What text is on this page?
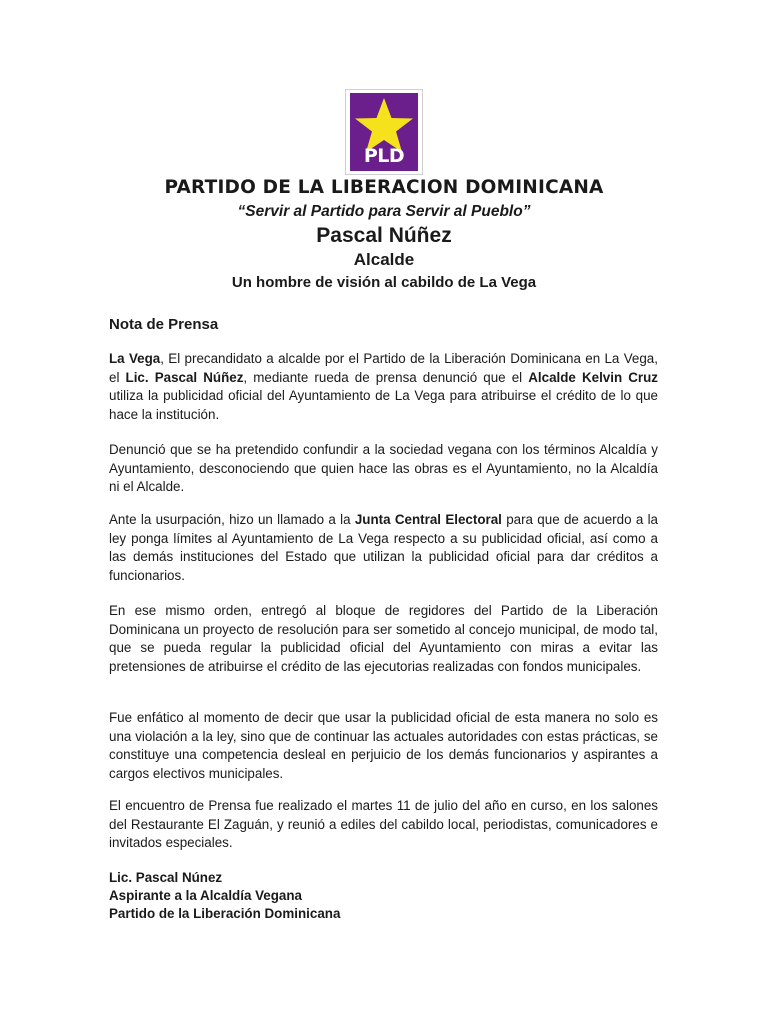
PLD
PARTIDO DE LA LIBERACION DOMINICANA
“Servir al Partido para Servir al Pueblo”
Pascal Núñez
Alcalde
Un hombre de visión al cabildo de La Vega
Nota de Prensa

La Vega, El precandidato a alcalde por el Partido de la Liberación Dominicana en La Vega, el Lic. Pascal Núñez, mediante rueda de prensa denunció que el Alcalde Kelvin Cruz utiliza la publicidad oficial del Ayuntamiento de La Vega para atribuirse el crédito de lo que hace la institución.

Denunció que se ha pretendido confundir a la sociedad vegana con los términos Alcaldía y Ayuntamiento, desconociendo que quien hace las obras es el Ayuntamiento, no la Alcaldía ni el Alcalde.

Ante la usurpación, hizo un llamado a la Junta Central Electoral para que de acuerdo a la ley ponga límites al Ayuntamiento de La Vega respecto a su publicidad oficial, así como a las demás instituciones del Estado que utilizan la publicidad oficial para dar créditos a funcionarios.

En ese mismo orden, entregó al bloque de regidores del Partido de la Liberación Dominicana un proyecto de resolución para ser sometido al concejo municipal, de modo tal, que se pueda regular la publicidad oficial del Ayuntamiento con miras a evitar las pretensiones de atribuirse el crédito de las ejecutorias realizadas con fondos municipales.

Fue enfático al momento de decir que usar la publicidad oficial de esta manera no solo es una violación a la ley, sino que de continuar las actuales autoridades con estas prácticas, se constituye una competencia desleal en perjuicio de los demás funcionarios y aspirantes a cargos electivos municipales.

El encuentro de Prensa fue realizado el martes 11 de julio del año en curso, en los salones del Restaurante El Zaguán, y reunió a ediles del cabildo local, periodistas, comunicadores e invitados especiales.

Lic. Pascal Núnez
Aspirante a la Alcaldía Vegana
Partido de la Liberación Dominicana
